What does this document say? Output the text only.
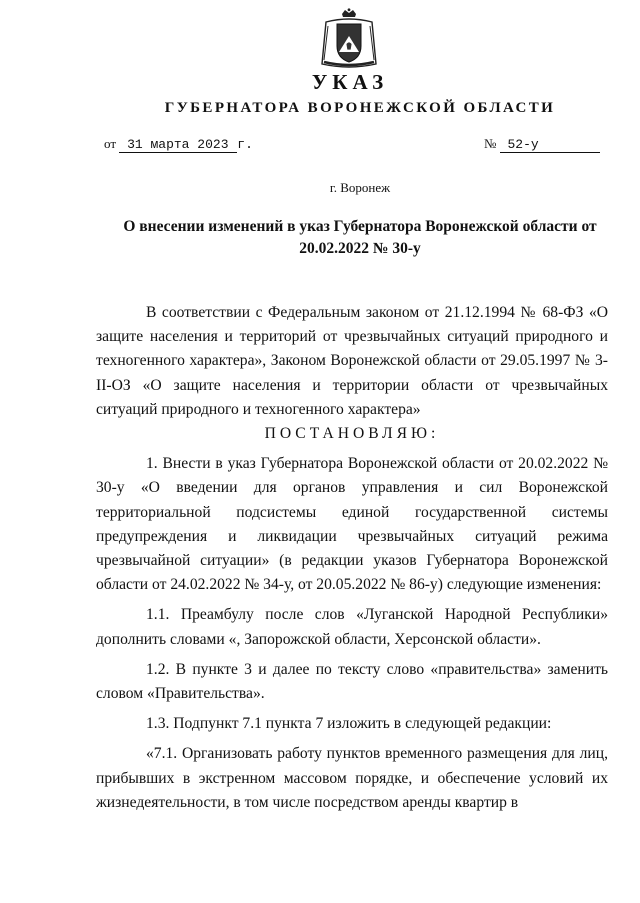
УКАЗ
ГУБЕРНАТОРА ВОРОНЕЖСКОЙ ОБЛАСТИ
от 31 марта 2023 г.	№ 52-у
г. Воронеж
О внесении изменений в указ Губернатора Воронежской области от
20.02.2022 № 30-у

В соответствии с Федеральным законом от 21.12.1994 № 68-ФЗ «О защите населения и территорий от чрезвычайных ситуаций природного и техногенного характера», Законом Воронежской области от 29.05.1997 № 3-II-ОЗ «О защите населения и территории области от чрезвычайных ситуаций природного и техногенного характера»

ПОСТАНОВЛЯЮ:

1. Внести в указ Губернатора Воронежской области от 20.02.2022 № 30-у «О введении для органов управления и сил Воронежской территориальной подсистемы единой государственной системы предупреждения и ликвидации чрезвычайных ситуаций режима чрезвычайной ситуации» (в редакции указов Губернатора Воронежской области от 24.02.2022 № 34-у, от 20.05.2022 № 86-у) следующие изменения:

1.1. Преамбулу после слов «Луганской Народной Республики» дополнить словами «, Запорожской области, Херсонской области».

1.2. В пункте 3 и далее по тексту слово «правительства» заменить словом «Правительства».

1.3. Подпункт 7.1 пункта 7 изложить в следующей редакции:

«7.1. Организовать работу пунктов временного размещения для лиц, прибывших в экстренном массовом порядке, и обеспечение условий их жизнедеятельности, в том числе посредством аренды квартир в
